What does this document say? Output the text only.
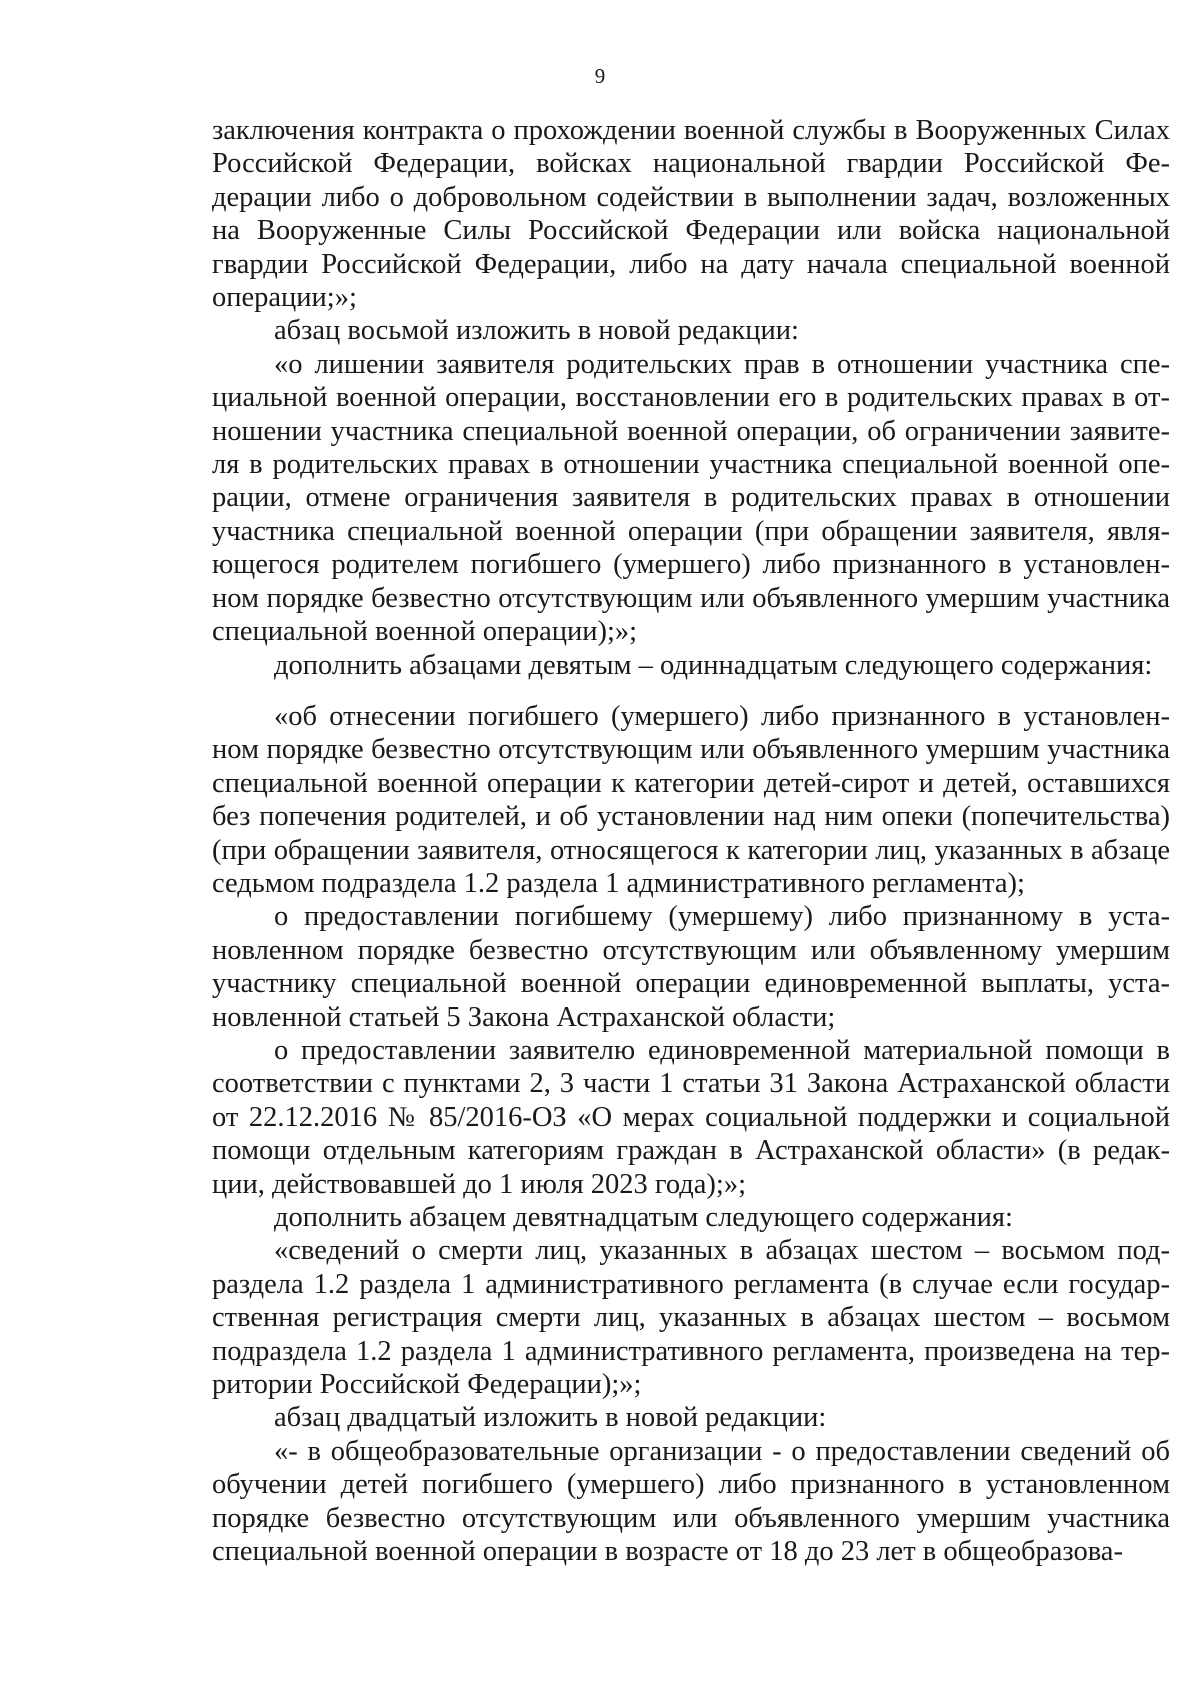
9

заключения контракта о прохождении военной службы в Вооруженных Силах Российской Федерации, войсках национальной гвардии Российской Федерации либо о добровольном содействии в выполнении задач, возложенных на Вооруженные Силы Российской Федерации или войска национальной гвардии Российской Федерации, либо на дату начала специальной военной операции;»;

абзац восьмой изложить в новой редакции:

«о лишении заявителя родительских прав в отношении участника специальной военной операции, восстановлении его в родительских правах в отношении участника специальной военной операции, об ограничении заявителя в родительских правах в отношении участника специальной военной операции, отмене ограничения заявителя в родительских правах в отношении участника специальной военной операции (при обращении заявителя, являющегося родителем погибшего (умершего) либо признанного в установленном порядке безвестно отсутствующим или объявленного умершим участника специальной военной операции);»;

дополнить абзацами девятым – одиннадцатым следующего содержания:

«об отнесении погибшего (умершего) либо признанного в установленном порядке безвестно отсутствующим или объявленного умершим участника специальной военной операции к категории детей-сирот и детей, оставшихся без попечения родителей, и об установлении над ним опеки (попечительства) (при обращении заявителя, относящегося к категории лиц, указанных в абзаце седьмом подраздела 1.2 раздела 1 административного регламента);

о предоставлении погибшему (умершему) либо признанному в установленном порядке безвестно отсутствующим или объявленному умершим участнику специальной военной операции единовременной выплаты, установленной статьей 5 Закона Астраханской области;

о предоставлении заявителю единовременной материальной помощи в соответствии с пунктами 2, 3 части 1 статьи 31 Закона Астраханской области от 22.12.2016 № 85/2016-ОЗ «О мерах социальной поддержки и социальной помощи отдельным категориям граждан в Астраханской области» (в редакции, действовавшей до 1 июля 2023 года);»;

дополнить абзацем девятнадцатым следующего содержания:

«сведений о смерти лиц, указанных в абзацах шестом – восьмом подраздела 1.2 раздела 1 административного регламента (в случае если государственная регистрация смерти лиц, указанных в абзацах шестом – восьмом подраздела 1.2 раздела 1 административного регламента, произведена на территории Российской Федерации);»;

абзац двадцатый изложить в новой редакции:

«- в общеобразовательные организации - о предоставлении сведений об обучении детей погибшего (умершего) либо признанного в установленном порядке безвестно отсутствующим или объявленного умершим участника специальной военной операции в возрасте от 18 до 23 лет в общеобразова-
